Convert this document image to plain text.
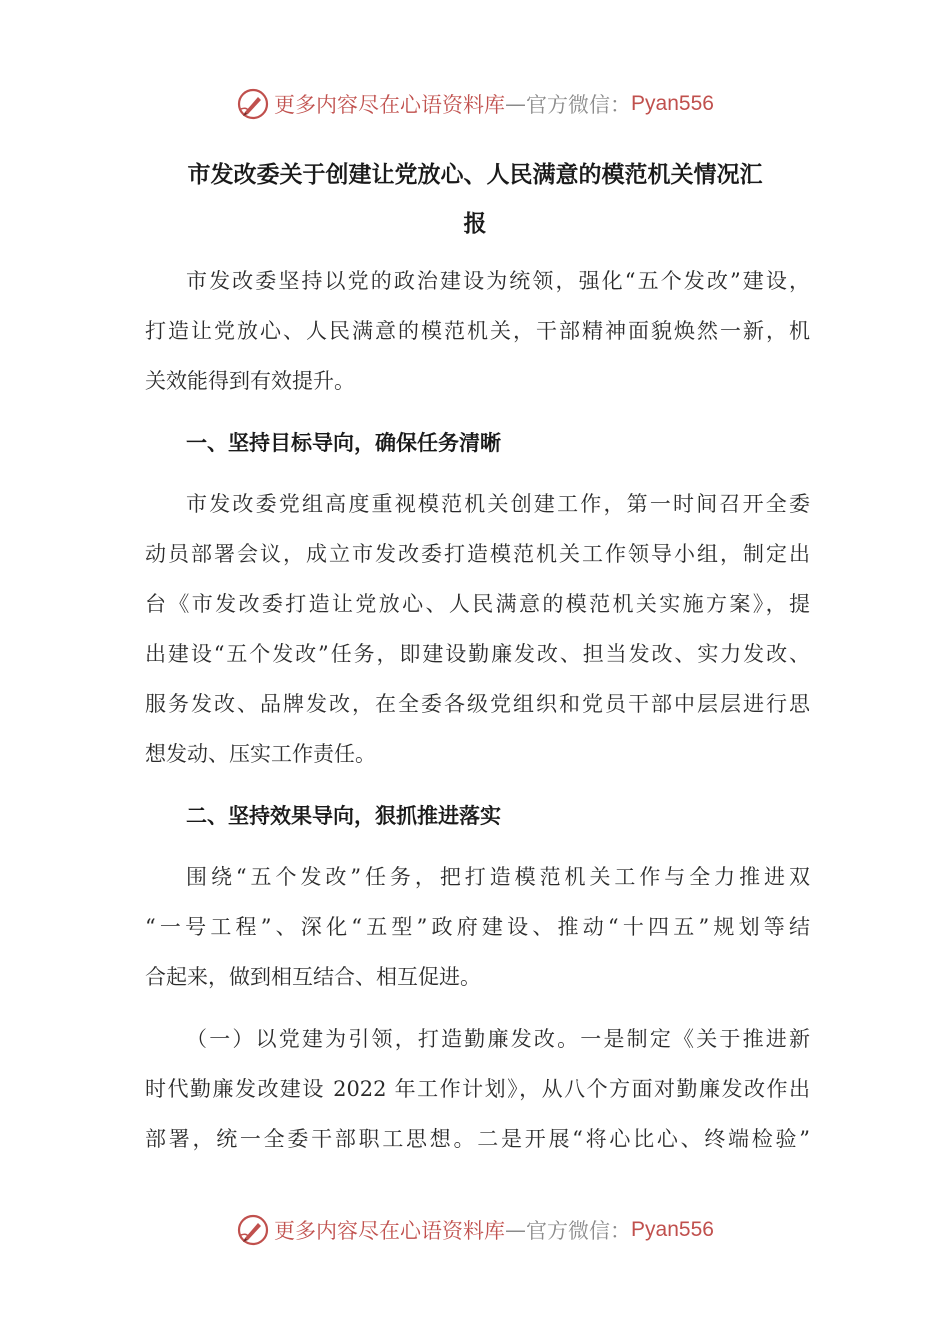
更多内容尽在心语资料库 — 官方微信： Pyan556
市发改委关于创建让党放心、人民满意的模范机关情况汇
报
市发改委坚持以党的政治建设为统领，强化“五个发改”建设，
打造让党放心、人民满意的模范机关，干部精神面貌焕然一新，机
关效能得到有效提升。
一、坚持目标导向，确保任务清晰
市发改委党组高度重视模范机关创建工作，第一时间召开全委
动员部署会议，成立市发改委打造模范机关工作领导小组，制定出
台《市发改委打造让党放心、人民满意的模范机关实施方案》，提
出建设“五个发改”任务，即建设勤廉发改、担当发改、实力发改、
服务发改、品牌发改，在全委各级党组织和党员干部中层层进行思
想发动、压实工作责任。
二、坚持效果导向，狠抓推进落实
围绕“五个发改”任务，把打造模范机关工作与全力推进双
“一号工程”、深化“五型”政府建设、推动“十四五”规划等结
合起来，做到相互结合、相互促进。
（一）以党建为引领，打造勤廉发改。一是制定《关于推进新
时代勤廉发改建设 2022 年工作计划》，从八个方面对勤廉发改作出
部署，统一全委干部职工思想。二是开展“将心比心、终端检验”
更多内容尽在心语资料库 — 官方微信： Pyan556
